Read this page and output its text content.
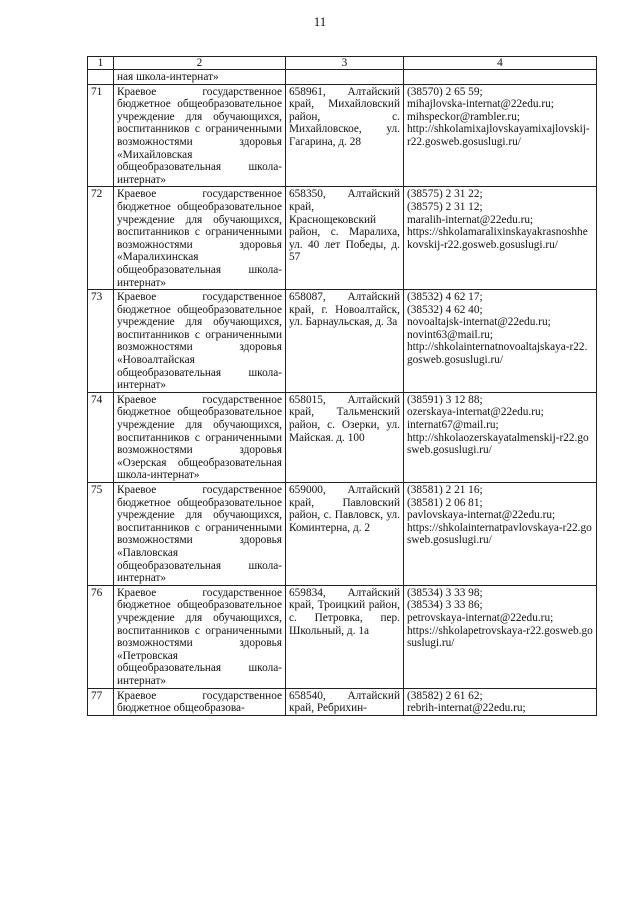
11
1	2	3	4
	ная школа-интернат»		
71	Краевое государственное бюджетное общеобразовательное учреждение для обучающихся, воспитанников с ограниченными возможностями здоровья «Михайловская общеобразовательная школа-интернат»	658961, Алтайский край, Михайловский район, с. Михайловское, ул. Гагарина, д. 28	(38570) 2 65 59;
mihajlovska-internat@22edu.ru;
mihspeckor@rambler.ru;
http://shkolamixajlovskayamixajlovskij-r22.gosweb.gosuslugi.ru/

72	Краевое государственное бюджетное общеобразовательное учреждение для обучающихся, воспитанников с ограниченными возможностями здоровья «Маралихинская общеобразовательная школа-интернат»	658350, Алтайский край, Краснощековский район, с. Маралиха, ул. 40 лет Победы, д. 57	(38575) 2 31 22;
(38575) 2 31 12;
maralih-internat@22edu.ru;
https://shkolamaralixinskayakrasnoshhekovskij-r22.gosweb.gosuslugi.ru/

73	Краевое государственное бюджетное общеобразовательное учреждение для обучающихся, воспитанников с ограниченными возможностями здоровья «Новоалтайская общеобразовательная школа-интернат»	658087, Алтайский край, г. Новоалтайск, ул. Барнаульская, д. 3а	(38532) 4 62 17;
(38532) 4 62 40;
novoaltajsk-internat@22edu.ru;
novint63@mail.ru;
http://shkolainternatnovoaltajskaya-r22.gosweb.gosuslugi.ru/

74	Краевое государственное бюджетное общеобразовательное учреждение для обучающихся, воспитанников с ограниченными возможностями здоровья «Озерская общеобразовательная школа-интернат»	658015, Алтайский край, Тальменский район, с. Озерки, ул. Майская. д. 100	(38591) 3 12 88;
ozerskaya-internat@22edu.ru;
internat67@mail.ru;
http://shkolaozerskayatalmenskij-r22.gosweb.gosuslugi.ru/

75	Краевое государственное бюджетное общеобразовательное учреждение для обучающихся, воспитанников с ограниченными возможностями здоровья «Павловская общеобразовательная школа-интернат»	659000, Алтайский край, Павловский район, с. Павловск, ул. Коминтерна, д. 2	(38581) 2 21 16;
(38581) 2 06 81;
pavlovskaya-internat@22edu.ru;
https://shkolainternatpavlovskaya-r22.gosweb.gosuslugi.ru/

76	Краевое государственное бюджетное общеобразовательное учреждение для обучающихся, воспитанников с ограниченными возможностями здоровья «Петровская общеобразовательная школа-интернат»	659834, Алтайский край, Троицкий район, с. Петровка, пер. Школьный, д. 1а	(38534) 3 33 98;
(38534) 3 33 86;
petrovskaya-internat@22edu.ru;
https://shkolapetrovskaya-r22.gosweb.gosuslugi.ru/

77	Краевое государственное бюджетное общеобразова-	658540, Алтайский край, Ребрихин-	(38582) 2 61 62;
rebrih-internat@22edu.ru;
